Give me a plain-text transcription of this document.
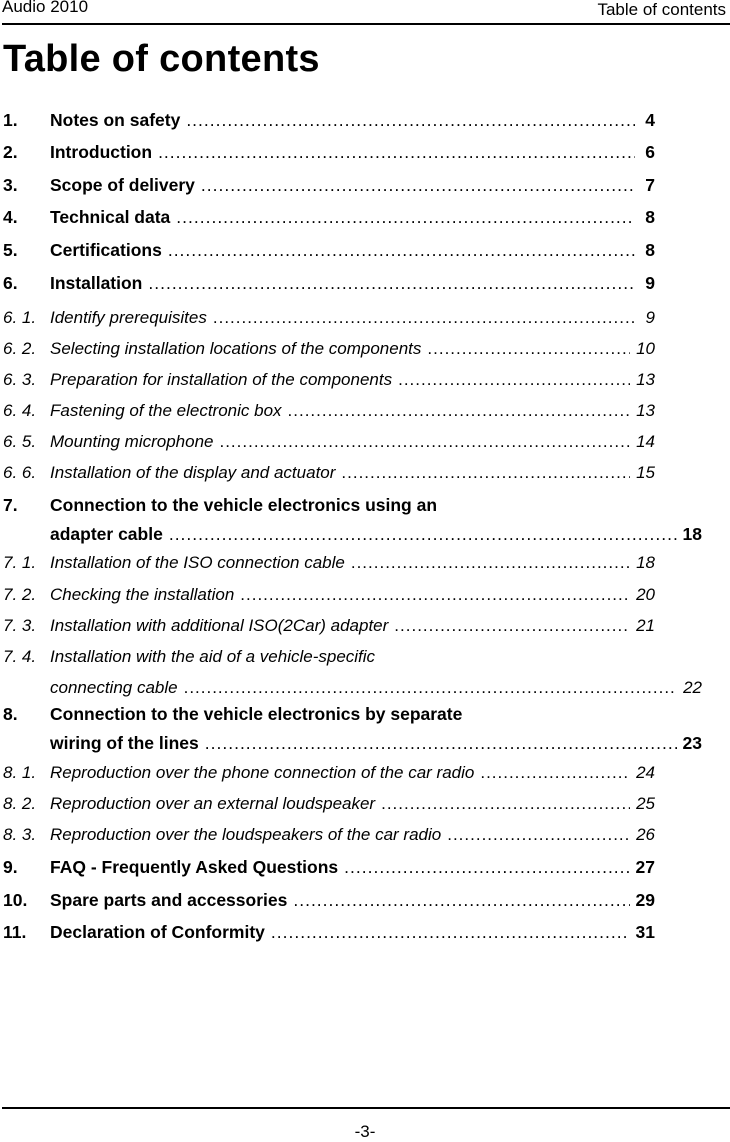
Audio 2010	Table of contents
Table of contents
1.	Notes on safety .....	4
2.	Introduction .....	6
3.	Scope of delivery .....	7
4.	Technical data .....	8
5.	Certifications .....	8
6.	Installation .....	9
6. 1. Identify prerequisites .....	9
6. 2. Selecting installation locations of the components .....	10
6. 3. Preparation for installation of the components .....	13
6. 4. Fastening of the electronic box .....	13
6. 5. Mounting microphone .....	14
6. 6. Installation of the display and actuator .....	15
7.	Connection to the vehicle electronics using an
adapter cable .....	18
7. 1. Installation of the ISO connection cable .....	18
7. 2. Checking the installation .....	20
7. 3. Installation with additional ISO(2Car) adapter .....	21
7. 4. Installation with the aid of a vehicle-specific
connecting cable .....	22
8.	Connection to the vehicle electronics by separate
wiring of the lines .....	23
8. 1. Reproduction over the phone connection of the car radio .....	24
8. 2. Reproduction over an external loudspeaker .....	25
8. 3. Reproduction over the loudspeakers of the car radio .....	26
9.	FAQ - Frequently Asked Questions .....	27
10.	Spare parts and accessories .....	29
11.	Declaration of Conformity .....	31
-3-
